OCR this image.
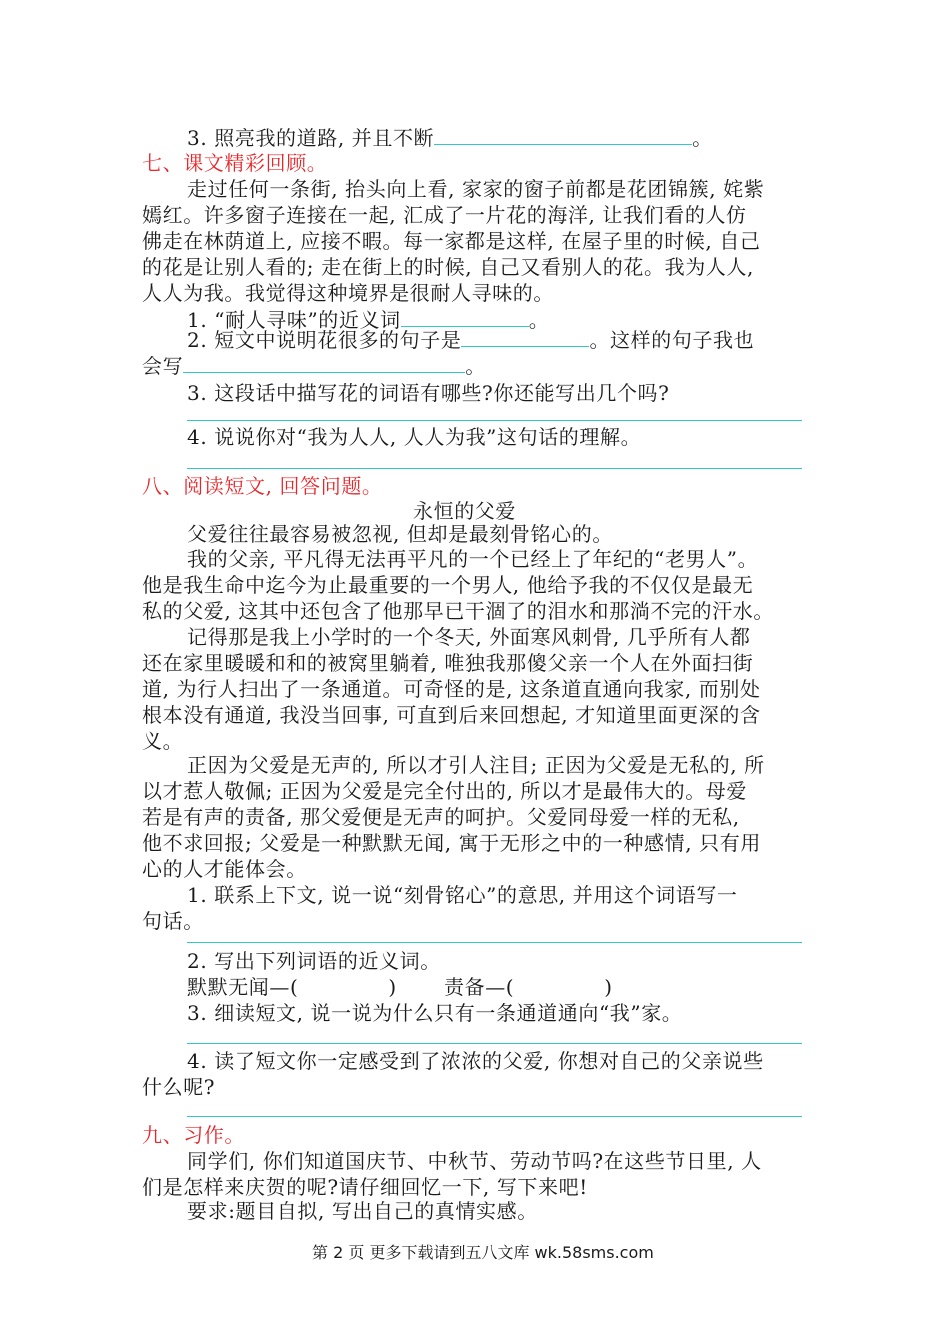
3. 照亮我的道路, 并且不断	。
七、课文精彩回顾。
走过任何一条街, 抬头向上看, 家家的窗子前都是花团锦簇, 姹紫
嫣红。许多窗子连接在一起, 汇成了一片花的海洋, 让我们看的人仿
佛走在林荫道上, 应接不暇。每一家都是这样, 在屋子里的时候, 自己
的花是让别人看的; 走在街上的时候, 自己又看别人的花。我为人人,
人人为我。我觉得这种境界是很耐人寻味的。
1. “耐人寻味”的近义词	。
2. 短文中说明花很多的句子是	。这样的句子我也
会写	。
3. 这段话中描写花的词语有哪些?你还能写出几个吗?
4. 说说你对“我为人人, 人人为我”这句话的理解。
八、阅读短文, 回答问题。
永恒的父爱
父爱往往最容易被忽视, 但却是最刻骨铭心的。
我的父亲, 平凡得无法再平凡的一个已经上了年纪的“老男人”。
他是我生命中迄今为止最重要的一个男人, 他给予我的不仅仅是最无
私的父爱, 这其中还包含了他那早已干涸了的泪水和那淌不完的汗水。
记得那是我上小学时的一个冬天, 外面寒风刺骨, 几乎所有人都
还在家里暖暖和和的被窝里躺着, 唯独我那傻父亲一个人在外面扫街
道, 为行人扫出了一条通道。可奇怪的是, 这条道直通向我家, 而别处
根本没有通道, 我没当回事, 可直到后来回想起, 才知道里面更深的含
义。
正因为父爱是无声的, 所以才引人注目; 正因为父爱是无私的, 所
以才惹人敬佩; 正因为父爱是完全付出的, 所以才是最伟大的。母爱
若是有声的责备, 那父爱便是无声的呵护。父爱同母爱一样的无私,
他不求回报; 父爱是一种默默无闻, 寓于无形之中的一种感情, 只有用
心的人才能体会。
1. 联系上下文, 说一说“刻骨铭心”的意思, 并用这个词语写一
句话。
2. 写出下列词语的近义词。
默默无闻—(	) 责备—(	)
3. 细读短文, 说一说为什么只有一条通道通向“我”家。
4. 读了短文你一定感受到了浓浓的父爱, 你想对自己的父亲说些
什么呢?
九、习作。
同学们, 你们知道国庆节、中秋节、劳动节吗?在这些节日里, 人
们是怎样来庆贺的呢?请仔细回忆一下, 写下来吧!
要求:题目自拟, 写出自己的真情实感。
第 2 页 更多下载请到五八文库 wk.58sms.com
